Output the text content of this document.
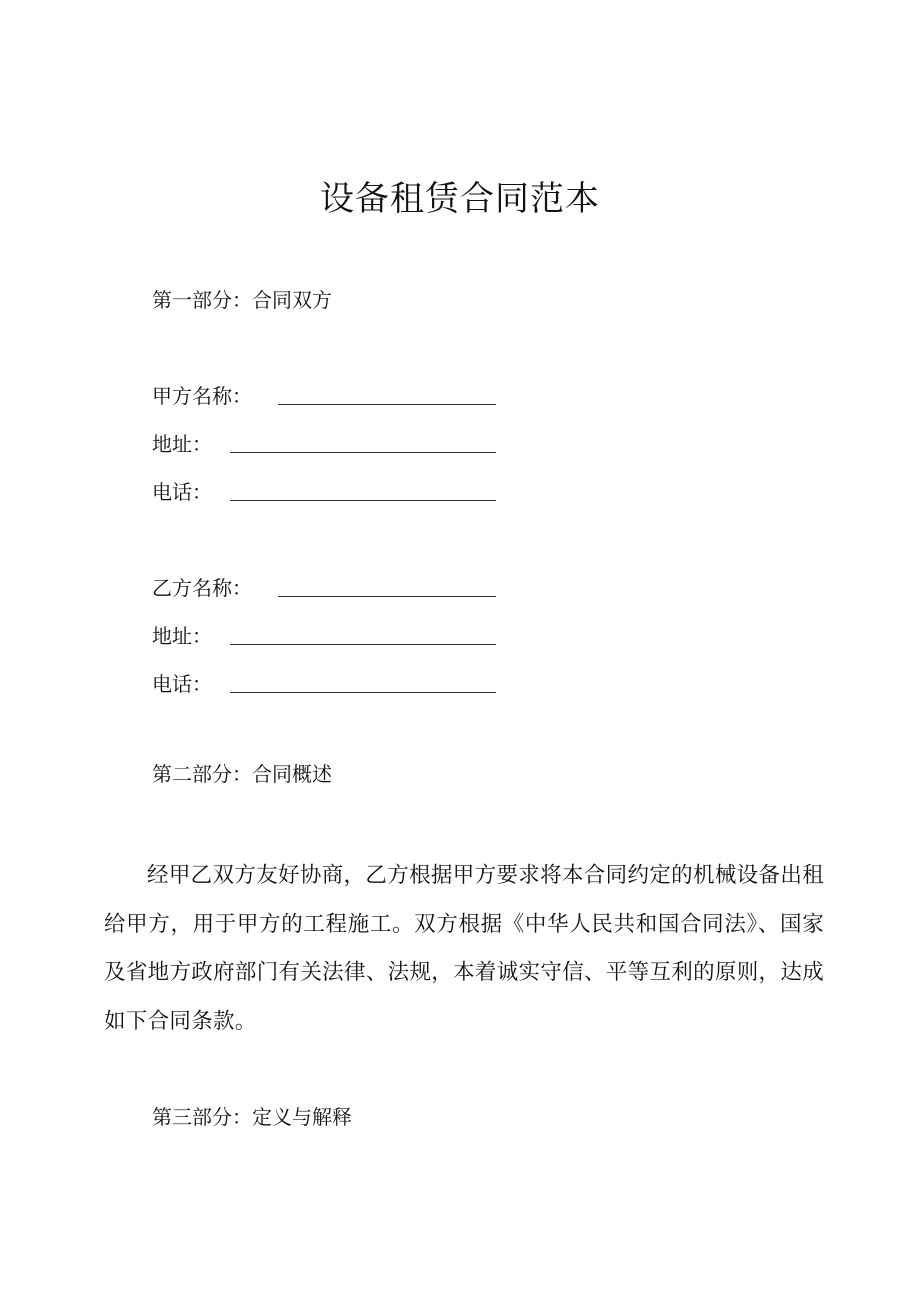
设备租赁合同范本
第一部分：合同双方
甲方名称：
地址：
电话：
乙方名称：
地址：
电话：
第二部分：合同概述

经甲乙双方友好协商，乙方根据甲方要求将本合同约定的机械设备出租给甲方，用于甲方的工程施工。双方根据《中华人民共和国合同法》、国家及省地方政府部门有关法律、法规，本着诚实守信、平等互利的原则，达成如下合同条款。

第三部分：定义与解释
